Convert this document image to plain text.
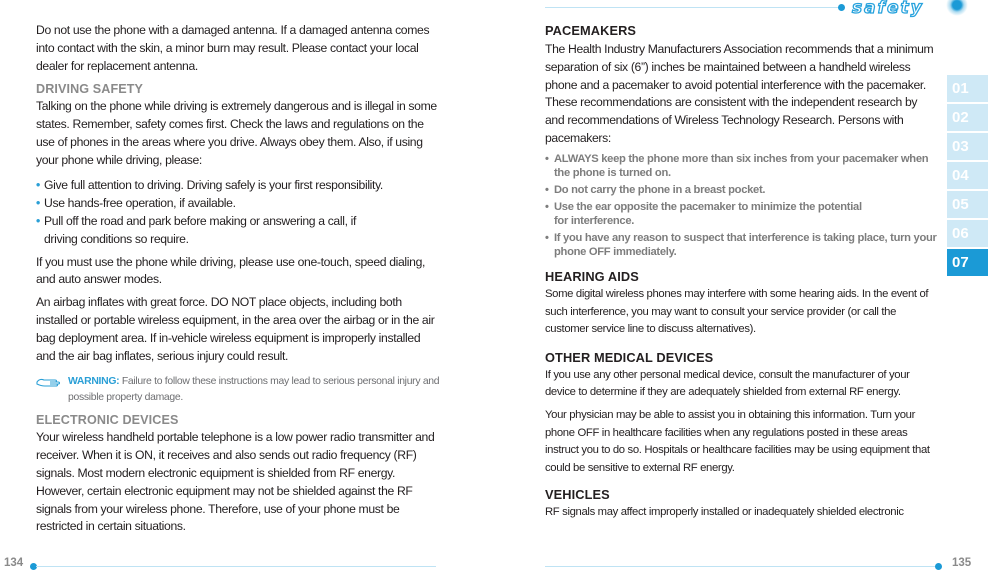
safety

Do not use the phone with a damaged antenna. If a damaged antenna comes into contact with the skin, a minor burn may result. Please contact your local dealer for replacement antenna.

DRIVING SAFETY

Talking on the phone while driving is extremely dangerous and is illegal in some states. Remember, safety comes first. Check the laws and regulations on the use of phones in the areas where you drive. Always obey them. Also, if using your phone while driving, please:

• Give full attention to driving. Driving safely is your first responsibility.
• Use hands-free operation, if available.
• Pull off the road and park before making or answering a call, if driving conditions so require.

If you must use the phone while driving, please use one-touch, speed dialing, and auto answer modes.

An airbag inflates with great force. DO NOT place objects, including both installed or portable wireless equipment, in the area over the airbag or in the air bag deployment area. If in-vehicle wireless equipment is improperly installed and the air bag inflates, serious injury could result.

WARNING: Failure to follow these instructions may lead to serious personal injury and possible property damage.
ELECTRONIC DEVICES

Your wireless handheld portable telephone is a low power radio transmitter and receiver. When it is ON, it receives and also sends out radio frequency (RF) signals. Most modern electronic equipment is shielded from RF energy. However, certain electronic equipment may not be shielded against the RF signals from your wireless phone. Therefore, use of your phone must be restricted in certain situations.

PACEMAKERS

The Health Industry Manufacturers Association recommends that a minimum separation of six (6”) inches be maintained between a handheld wireless phone and a pacemaker to avoid potential interference with the pacemaker. These recommendations are consistent with the independent research by and recommendations of Wireless Technology Research. Persons with pacemakers:

• ALWAYS keep the phone more than six inches from your pacemaker when the phone is turned on.
• Do not carry the phone in a breast pocket.
• Use the ear opposite the pacemaker to minimize the potential for interference.
• If you have any reason to suspect that interference is taking place, turn your phone OFF immediately.
HEARING AIDS

Some digital wireless phones may interfere with some hearing aids. In the event of such interference, you may want to consult your service provider (or call the customer service line to discuss alternatives).

OTHER MEDICAL DEVICES

If you use any other personal medical device, consult the manufacturer of your device to determine if they are adequately shielded from external RF energy.

Your physician may be able to assist you in obtaining this information. Turn your phone OFF in healthcare facilities when any regulations posted in these areas instruct you to do so. Hospitals or healthcare facilities may be using equipment that could be sensitive to external RF energy.

VEHICLES

RF signals may affect improperly installed or inadequately shielded electronic

01
02
03
04
05
06
07
134	135
